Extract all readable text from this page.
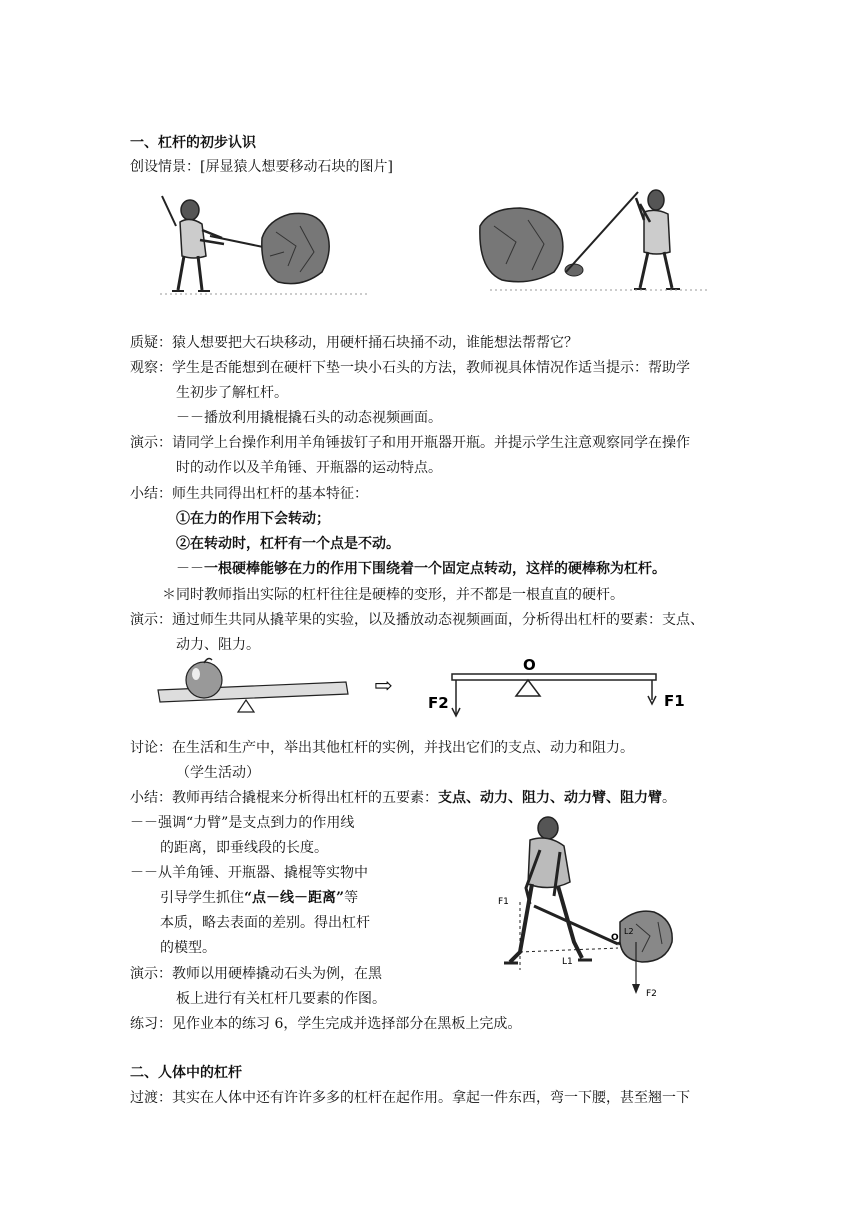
一、杠杆的初步认识
创设情景：[屏显猿人想要移动石块的图片]
质疑：猿人想要把大石块移动，用硬杆捅石块捅不动，谁能想法帮帮它？
观察：学生是否能想到在硬杆下垫一块小石头的方法，教师视具体情况作适当提示：帮助学
生初步了解杠杆。
－－播放利用撬棍撬石头的动态视频画面。
演示：请同学上台操作利用羊角锤拔钉子和用开瓶器开瓶。并提示学生注意观察同学在操作
时的动作以及羊角锤、开瓶器的运动特点。
小结：师生共同得出杠杆的基本特征：
①在力的作用下会转动；
②在转动时，杠杆有一个点是不动。
－－一根硬棒能够在力的作用下围绕着一个固定点转动，这样的硬棒称为杠杆。
＊同时教师指出实际的杠杆往往是硬棒的变形，并不都是一根直直的硬杆。
演示：通过师生共同从撬苹果的实验，以及播放动态视频画面，分析得出杠杆的要素：支点、
动力、阻力。
⇨
O
F2	F1
讨论：在生活和生产中，举出其他杠杆的实例，并找出它们的支点、动力和阻力。
（学生活动）
小结：教师再结合撬棍来分析得出杠杆的五要素：支点、动力、阻力、动力臂、阻力臂。
－－强调“力臂”是支点到力的作用线
的距离，即垂线段的长度。
－－从羊角锤、开瓶器、撬棍等实物中
引导学生抓住“点－线－距离”等
本质，略去表面的差别。得出杠杆
的模型。
演示：教师以用硬棒撬动石头为例，在黑
板上进行有关杠杆几要素的作图。
F1
L1
O
L2
F2
练习：见作业本的练习 6，学生完成并选择部分在黑板上完成。
二、人体中的杠杆
过渡：其实在人体中还有许许多多的杠杆在起作用。拿起一件东西，弯一下腰，甚至翘一下
